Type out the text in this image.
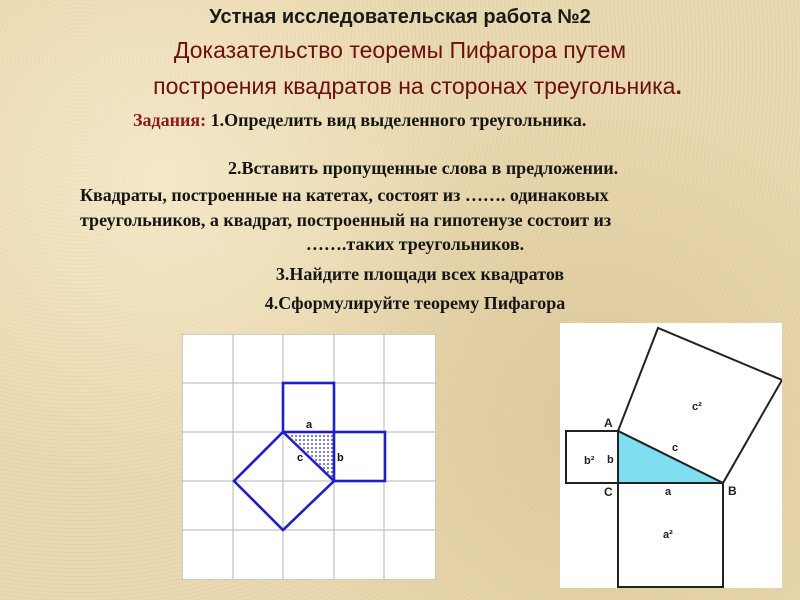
Устная исследовательская работа №2
Доказательство теоремы Пифагора путем
построения квадратов на сторонах треугольника.
Задания: 1.Определить вид выделенного треугольника.
2.Вставить пропущенные слова в предложении.
Квадраты, построенные на катетах, состоят из ……. одинаковых
треугольников, а квадрат, построенный на гипотенузе состоит из
…….таких треугольников.
3.Найдите площади всех квадратов
4.Сформулируйте теорему Пифагора
a
b
c
A
B
C	a
b
c
b²
a²
c²
